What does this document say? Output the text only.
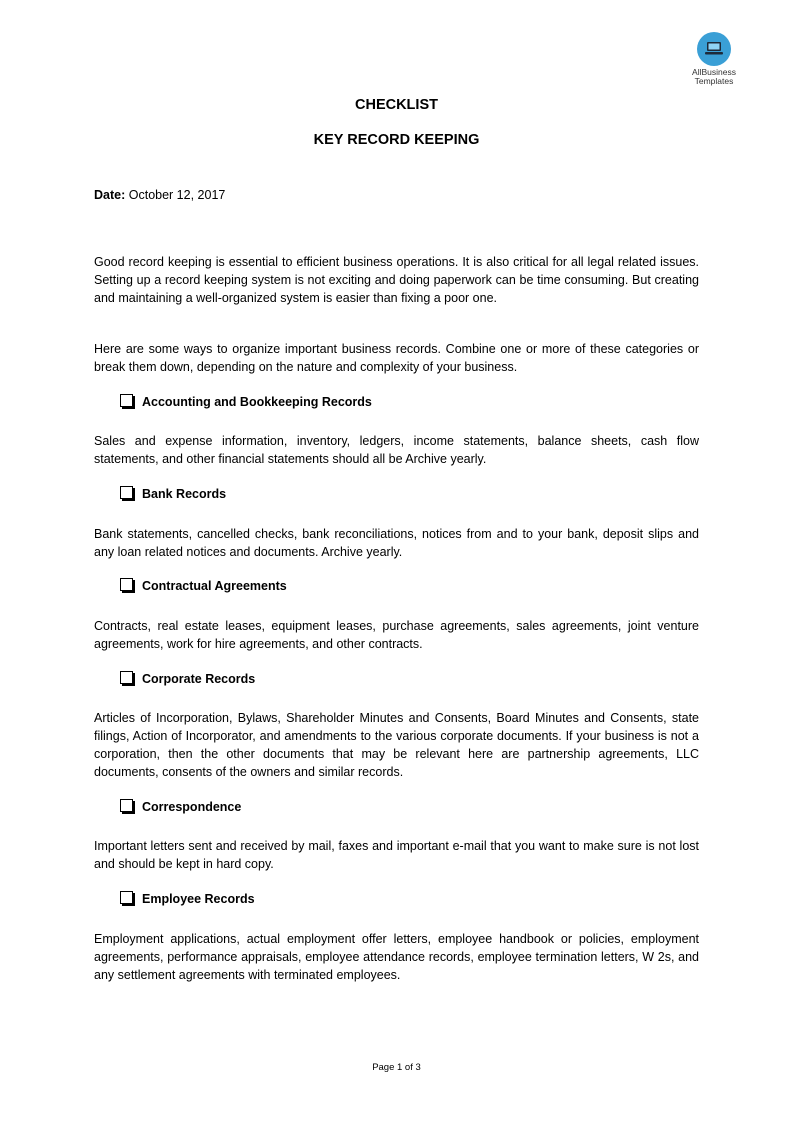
AllBusiness
Templates
CHECKLIST
KEY RECORD KEEPING
Date: October 12, 2017
Good record keeping is essential to efficient business operations. It is also critical for all legal related issues. Setting up a record keeping system is not exciting and doing paperwork can be time consuming. But creating and maintaining a well-organized system is easier than fixing a poor one.
Here are some ways to organize important business records. Combine one or more of these categories or break them down, depending on the nature and complexity of your business.
Accounting and Bookkeeping Records
Sales and expense information, inventory, ledgers, income statements, balance sheets, cash flow statements, and other financial statements should all be Archive yearly.
Bank Records
Bank statements, cancelled checks, bank reconciliations, notices from and to your bank, deposit slips and any loan related notices and documents. Archive yearly.
Contractual Agreements
Contracts, real estate leases, equipment leases, purchase agreements, sales agreements, joint venture agreements, work for hire agreements, and other contracts.
Corporate Records
Articles of Incorporation, Bylaws, Shareholder Minutes and Consents, Board Minutes and Consents, state filings, Action of Incorporator, and amendments to the various corporate documents. If your business is not a corporation, then the other documents that may be relevant here are partnership agreements, LLC documents, consents of the owners and similar records.
Correspondence
Important letters sent and received by mail, faxes and important e-mail that you want to make sure is not lost and should be kept in hard copy.
Employee Records
Employment applications, actual employment offer letters, employee handbook or policies, employment agreements, performance appraisals, employee attendance records, employee termination letters, W 2s, and any settlement agreements with terminated employees.
Page 1 of 3
